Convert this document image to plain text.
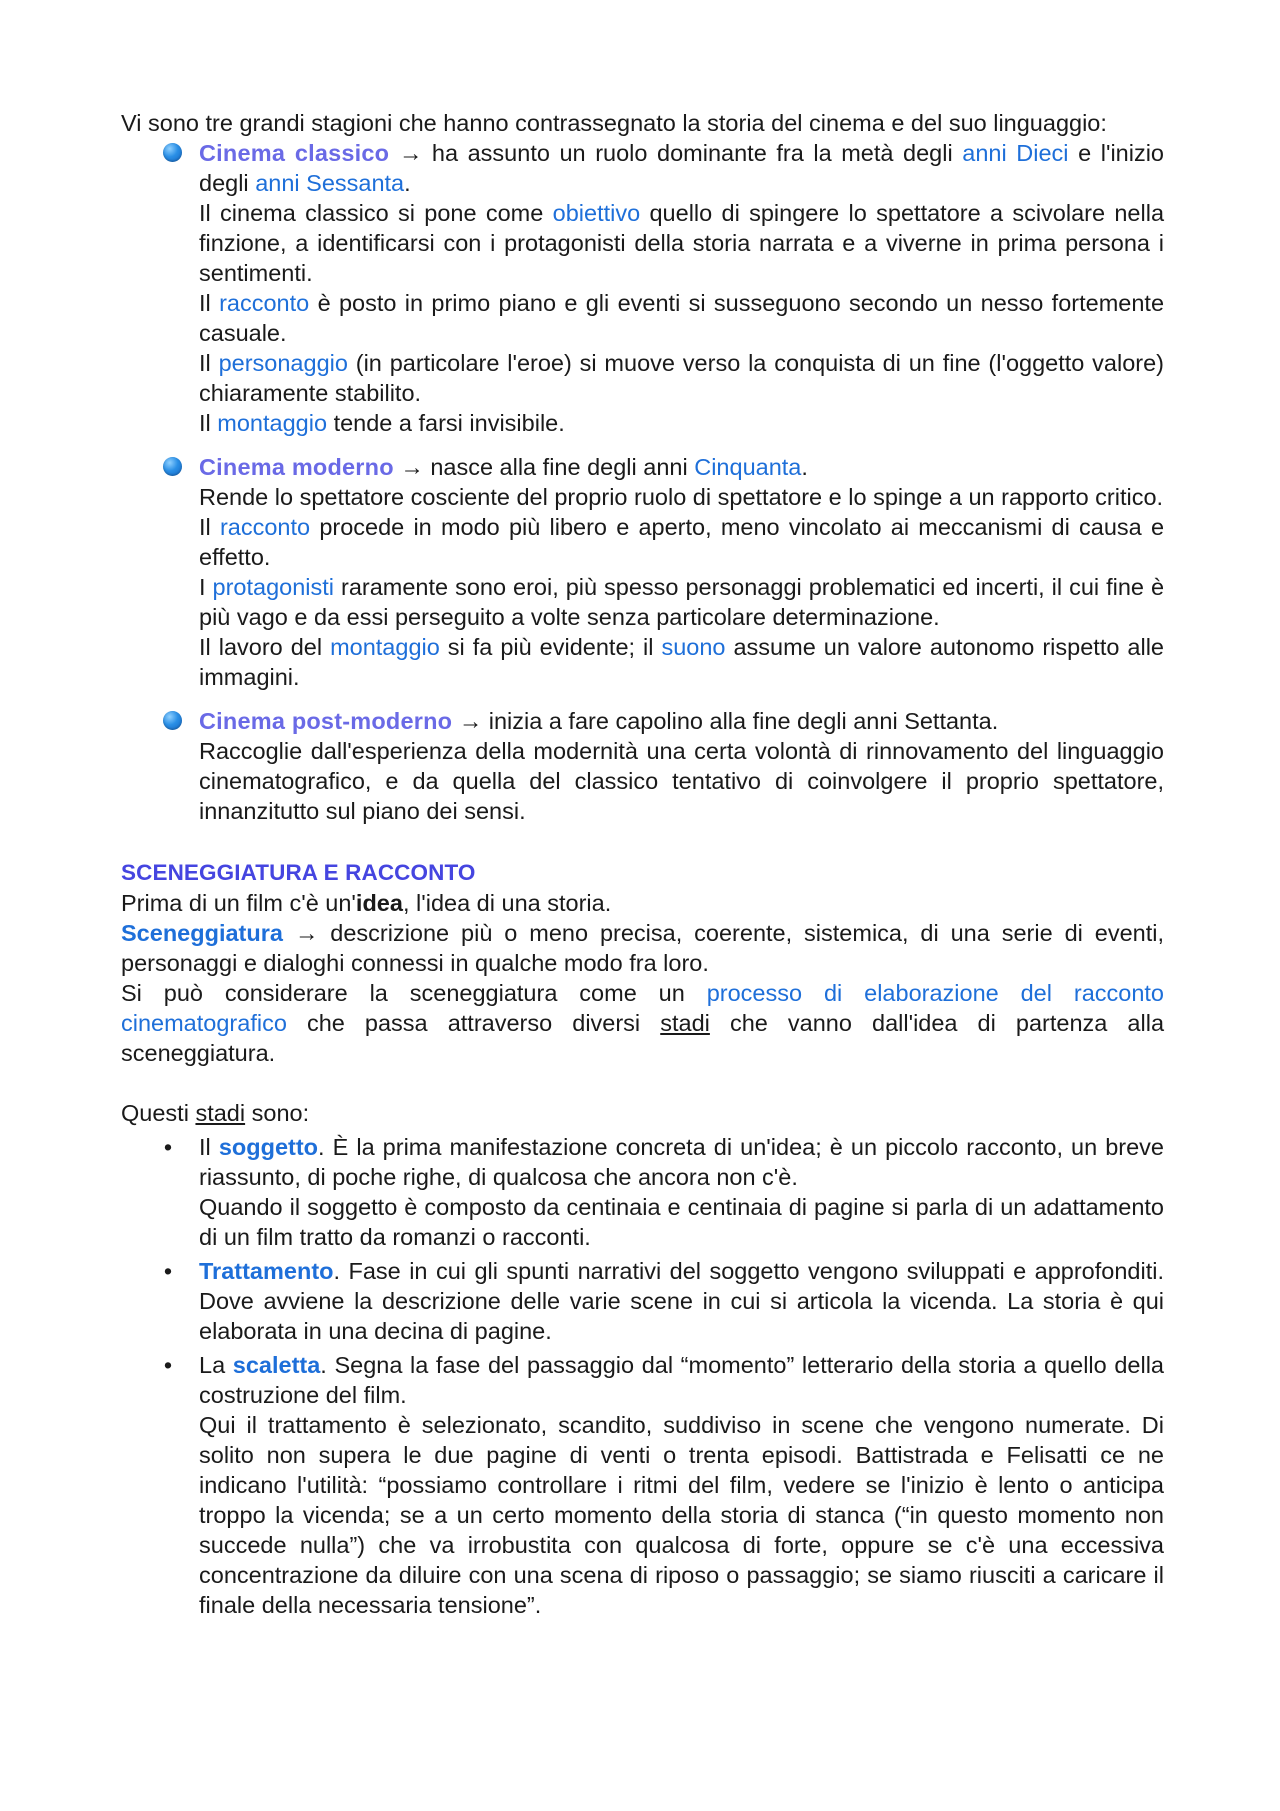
Vi sono tre grandi stagioni che hanno contrassegnato la storia del cinema e del suo linguaggio:

Cinema classico → ha assunto un ruolo dominante fra la metà degli anni Dieci e l'inizio degli anni Sessanta.

Il cinema classico si pone come obiettivo quello di spingere lo spettatore a scivolare nella finzione, a identificarsi con i protagonisti della storia narrata e a viverne in prima persona i sentimenti.

Il racconto è posto in primo piano e gli eventi si susseguono secondo un nesso fortemente casuale.

Il personaggio (in particolare l'eroe) si muove verso la conquista di un fine (l'oggetto valore) chiaramente stabilito.

Il montaggio tende a farsi invisibile.

Cinema moderno → nasce alla fine degli anni Cinquanta.

Rende lo spettatore cosciente del proprio ruolo di spettatore e lo spinge a un rapporto critico.

Il racconto procede in modo più libero e aperto, meno vincolato ai meccanismi di causa e effetto.

I protagonisti raramente sono eroi, più spesso personaggi problematici ed incerti, il cui fine è più vago e da essi perseguito a volte senza particolare determinazione.

Il lavoro del montaggio si fa più evidente; il suono assume un valore autonomo rispetto alle immagini.

Cinema post-moderno → inizia a fare capolino alla fine degli anni Settanta.

Raccoglie dall'esperienza della modernità una certa volontà di rinnovamento del linguaggio cinematografico, e da quella del classico tentativo di coinvolgere il proprio spettatore, innanzitutto sul piano dei sensi.

SCENEGGIATURA E RACCONTO

Prima di un film c'è un'idea, l'idea di una storia.

Sceneggiatura → descrizione più o meno precisa, coerente, sistemica, di una serie di eventi, personaggi e dialoghi connessi in qualche modo fra loro.

Si può considerare la sceneggiatura come un processo di elaborazione del racconto cinematografico che passa attraverso diversi stadi che vanno dall'idea di partenza alla sceneggiatura.

Questi stadi sono:

• Il soggetto. È la prima manifestazione concreta di un'idea; è un piccolo racconto, un breve riassunto, di poche righe, di qualcosa che ancora non c'è.

Quando il soggetto è composto da centinaia e centinaia di pagine si parla di un adattamento di un film tratto da romanzi o racconti.

• Trattamento. Fase in cui gli spunti narrativi del soggetto vengono sviluppati e approfonditi. Dove avviene la descrizione delle varie scene in cui si articola la vicenda. La storia è qui elaborata in una decina di pagine.

• La scaletta. Segna la fase del passaggio dal “momento” letterario della storia a quello della costruzione del film.

Qui il trattamento è selezionato, scandito, suddiviso in scene che vengono numerate. Di solito non supera le due pagine di venti o trenta episodi. Battistrada e Felisatti ce ne indicano l'utilità: “possiamo controllare i ritmi del film, vedere se l'inizio è lento o anticipa troppo la vicenda; se a un certo momento della storia di stanca (“in questo momento non succede nulla”) che va irrobustita con qualcosa di forte, oppure se c'è una eccessiva concentrazione da diluire con una scena di riposo o passaggio; se siamo riusciti a caricare il finale della necessaria tensione”.
